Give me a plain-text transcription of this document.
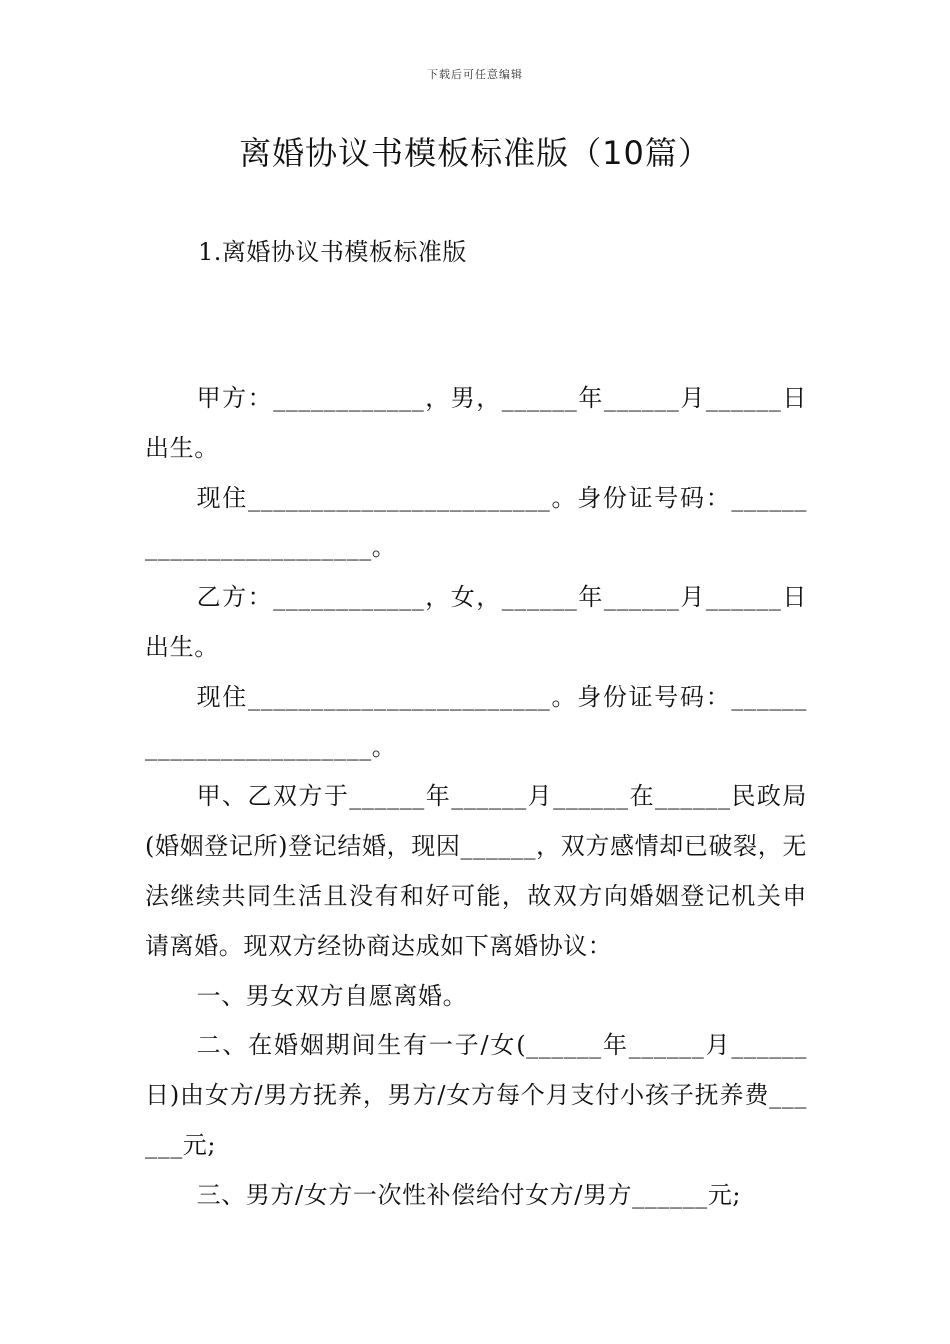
下载后可任意编辑
离婚协议书模板标准版（10篇）
1.离婚协议书模板标准版

甲方：____________，男，______年______月______日出生。

现住________________________。身份证号码：________________________。

乙方：____________，女，______年______月______日出生。

现住________________________。身份证号码：________________________。

甲、乙双方于______年______月______在______民政局(婚姻登记所)登记结婚，现因______，双方感情却已破裂，无法继续共同生活且没有和好可能，故双方向婚姻登记机关申请离婚。现双方经协商达成如下离婚协议：

一、男女双方自愿离婚。

二、在婚姻期间生有一子/女(______年______月______日)由女方/男方抚养，男方/女方每个月支付小孩子抚养费______元;

三、男方/女方一次性补偿给付女方/男方______元;
